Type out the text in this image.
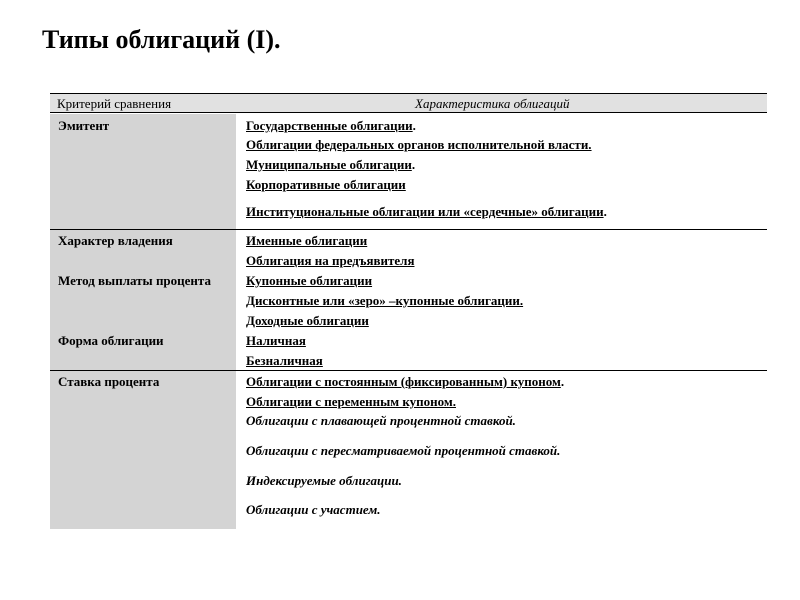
Типы облигаций (I).
Критерий сравнения	Характеристика облигаций
Эмитент
Характер владения
Метод выплаты процента
Форма облигации
Ставка процента
Государственные облигации.
Облигации федеральных органов исполнительной власти.
Муниципальные облигации.
Корпоративные облигации
Институциональные облигации или «сердечные» облигации.
Именные облигации
Облигация на предъявителя
Купонные облигации
Дисконтные или «зеро» –купонные облигации.
Доходные облигации
Наличная
Безналичная
Облигации с постоянным (фиксированным) купоном.
Облигации с переменным купоном.
Облигации с плавающей процентной ставкой.
Облигации с пересматриваемой процентной ставкой.
Индексируемые облигации.
Облигации с участием.
